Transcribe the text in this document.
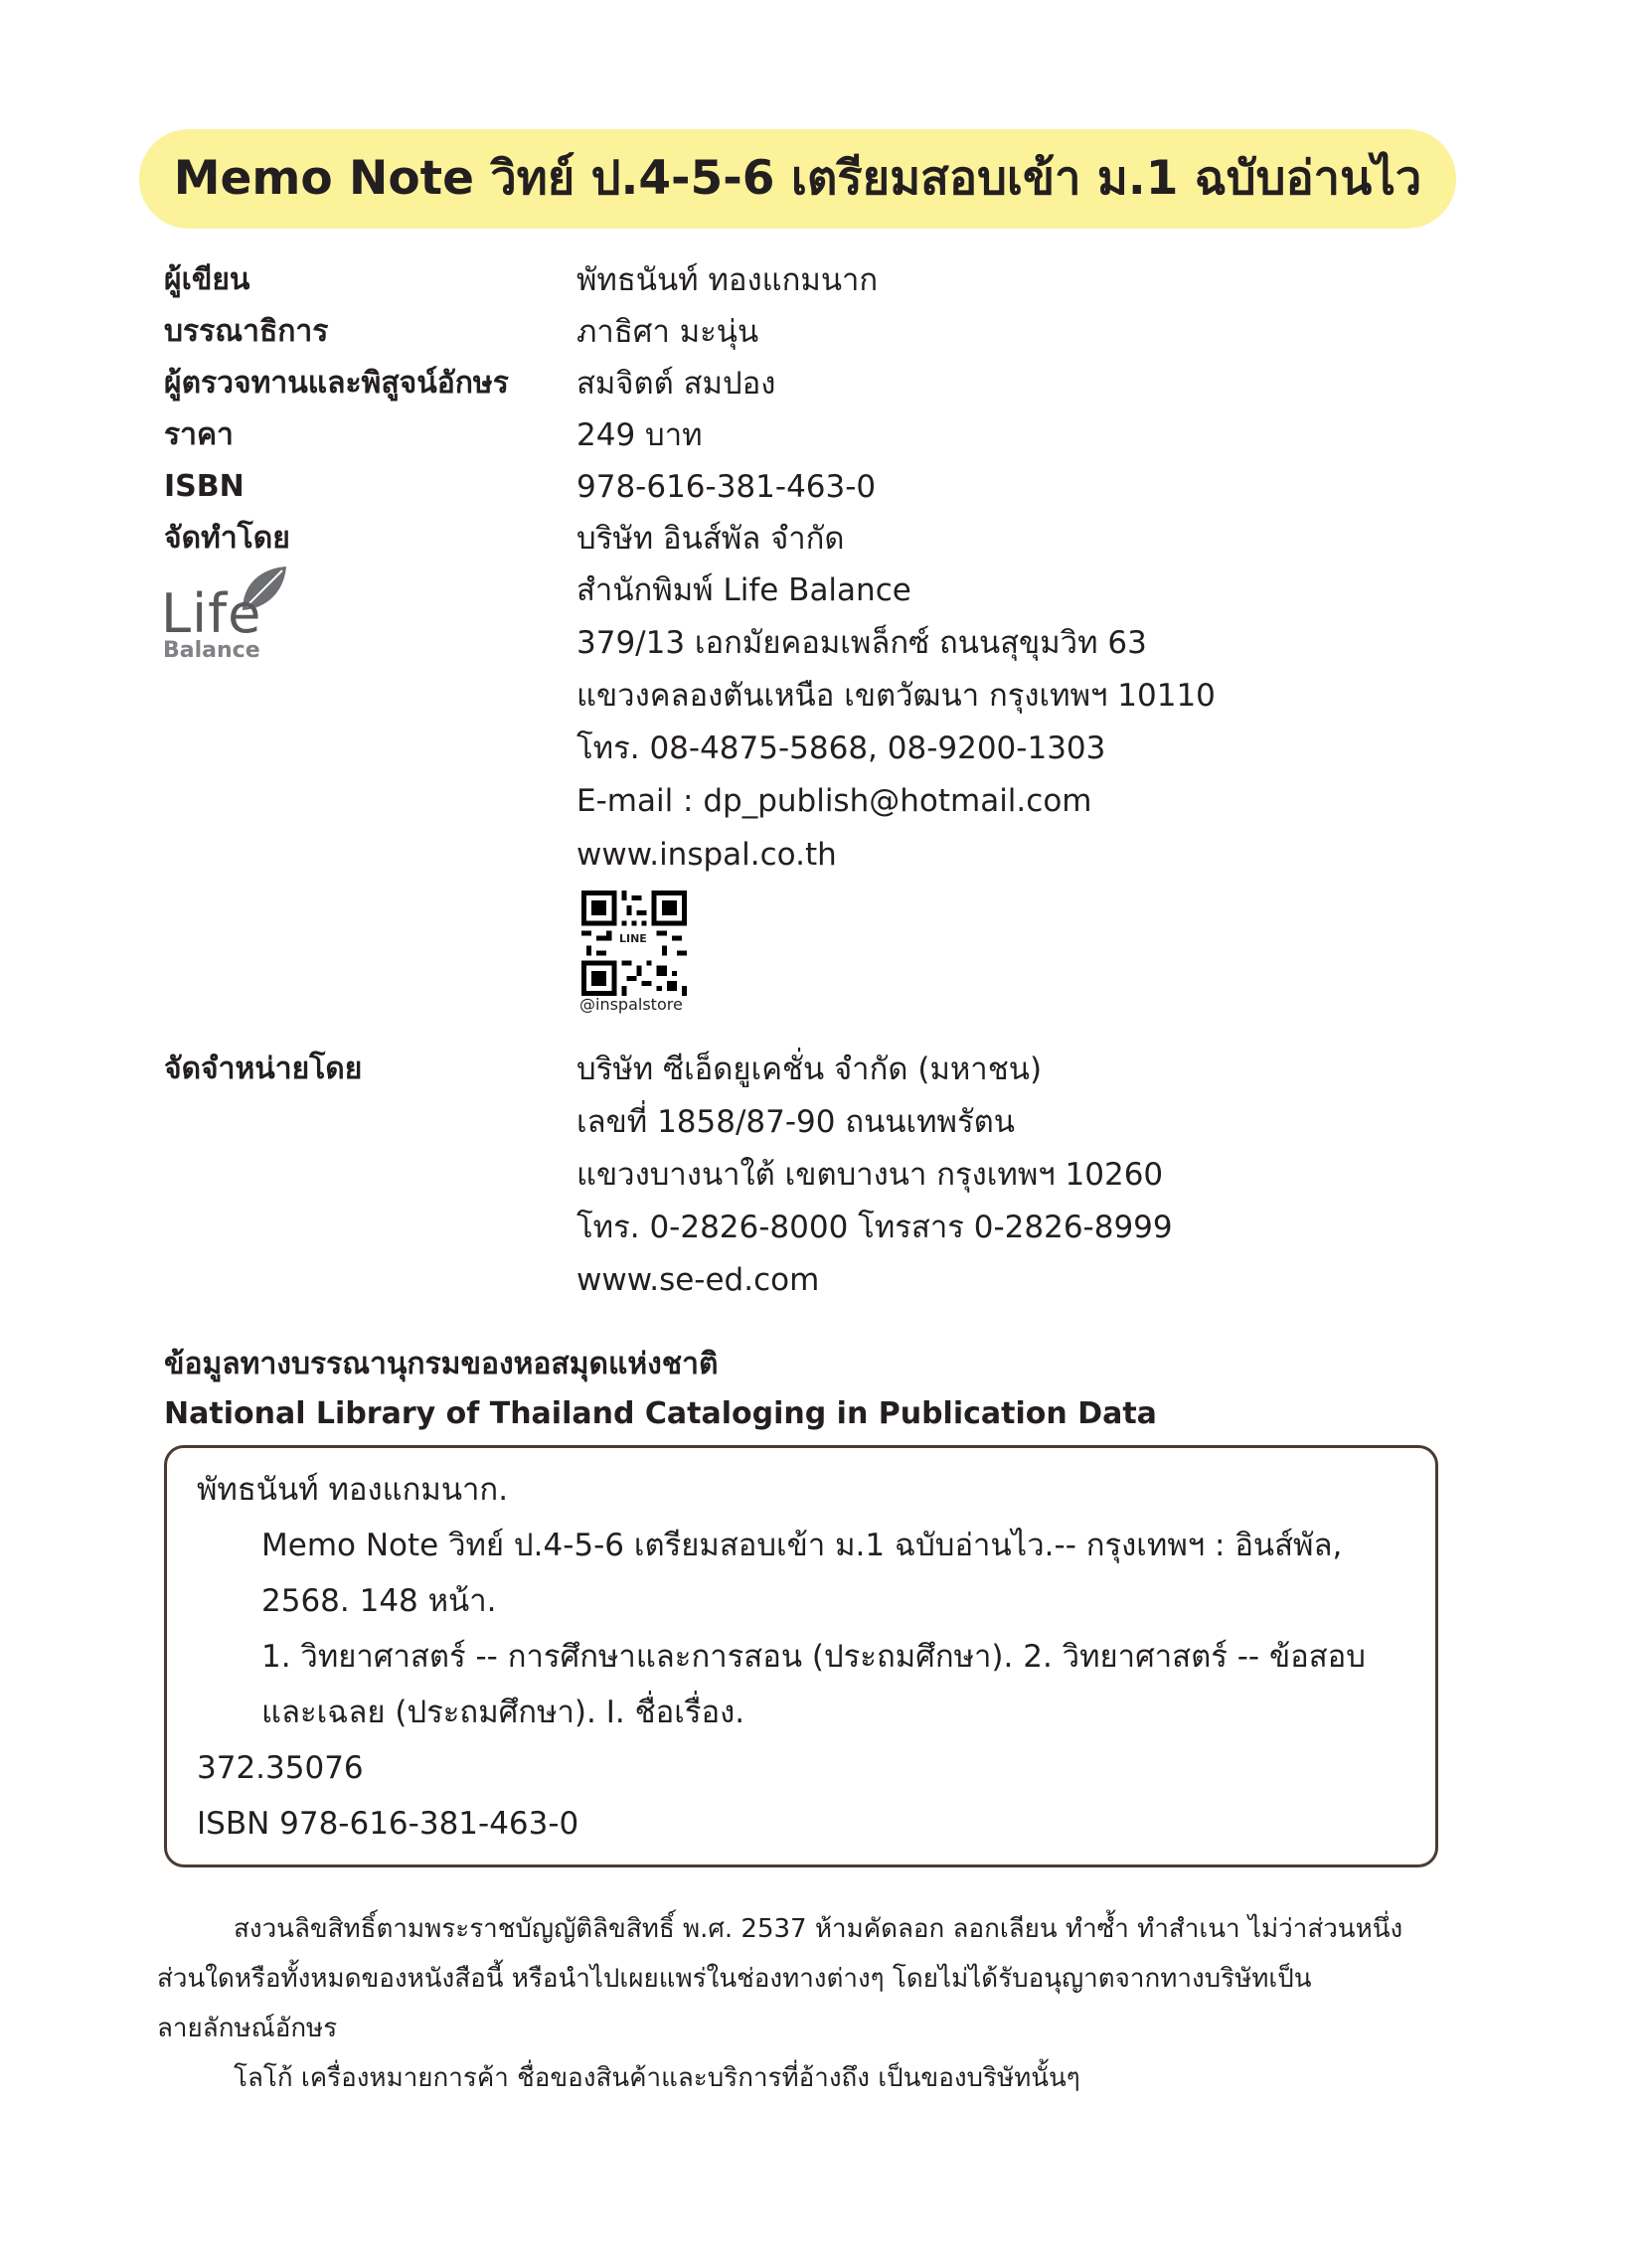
Memo Note วิทย์ ป.4-5-6 เตรียมสอบเข้า ม.1 ฉบับอ่านไว
ผู้เขียน	พัทธนันท์ ทองแกมนาก
บรรณาธิการ	ภาธิศา มะนุ่น
ผู้ตรวจทานและพิสูจน์อักษร สมจิตต์ สมปอง
ราคา	249 บาท
ISBN	978-616-381-463-0
จัดทำโดย	บริษัท อินส์พัล จำกัด
Life
Balance
สำนักพิมพ์ Life Balance
379/13 เอกมัยคอมเพล็กซ์ ถนนสุขุมวิท 63
แขวงคลองตันเหนือ เขตวัฒนา กรุงเทพฯ 10110
โทร. 08-4875-5868, 08-9200-1303
E-mail : dp_publish@hotmail.com
www.inspal.co.th
LINE
@inspalstore
จัดจำหน่ายโดย	บริษัท ซีเอ็ดยูเคชั่น จำกัด (มหาชน)
เลขที่ 1858/87-90 ถนนเทพรัตน
แขวงบางนาใต้ เขตบางนา กรุงเทพฯ 10260
โทร. 0-2826-8000 โทรสาร 0-2826-8999
www.se-ed.com
ข้อมูลทางบรรณานุกรมของหอสมุดแห่งชาติ
National Library of Thailand Cataloging in Publication Data
พัทธนันท์ ทองแกมนาก.
Memo Note วิทย์ ป.4-5-6 เตรียมสอบเข้า ม.1 ฉบับอ่านไว.-- กรุงเทพฯ : อินส์พัล,
2568. 148 หน้า.
1. วิทยาศาสตร์ -- การศึกษาและการสอน (ประถมศึกษา). 2. วิทยาศาสตร์ -- ข้อสอบ
และเฉลย (ประถมศึกษา). I. ชื่อเรื่อง.
372.35076
ISBN 978-616-381-463-0
สงวนลิขสิทธิ์ตามพระราชบัญญัติลิขสิทธิ์ พ.ศ. 2537 ห้ามคัดลอก ลอกเลียน ทำซ้ำ ทำสำเนา ไม่ว่าส่วนหนึ่ง
ส่วนใดหรือทั้งหมดของหนังสือนี้ หรือนำไปเผยแพร่ในช่องทางต่างๆ โดยไม่ได้รับอนุญาตจากทางบริษัทเป็น
ลายลักษณ์อักษร
โลโก้ เครื่องหมายการค้า ชื่อของสินค้าและบริการที่อ้างถึง เป็นของบริษัทนั้นๆ
